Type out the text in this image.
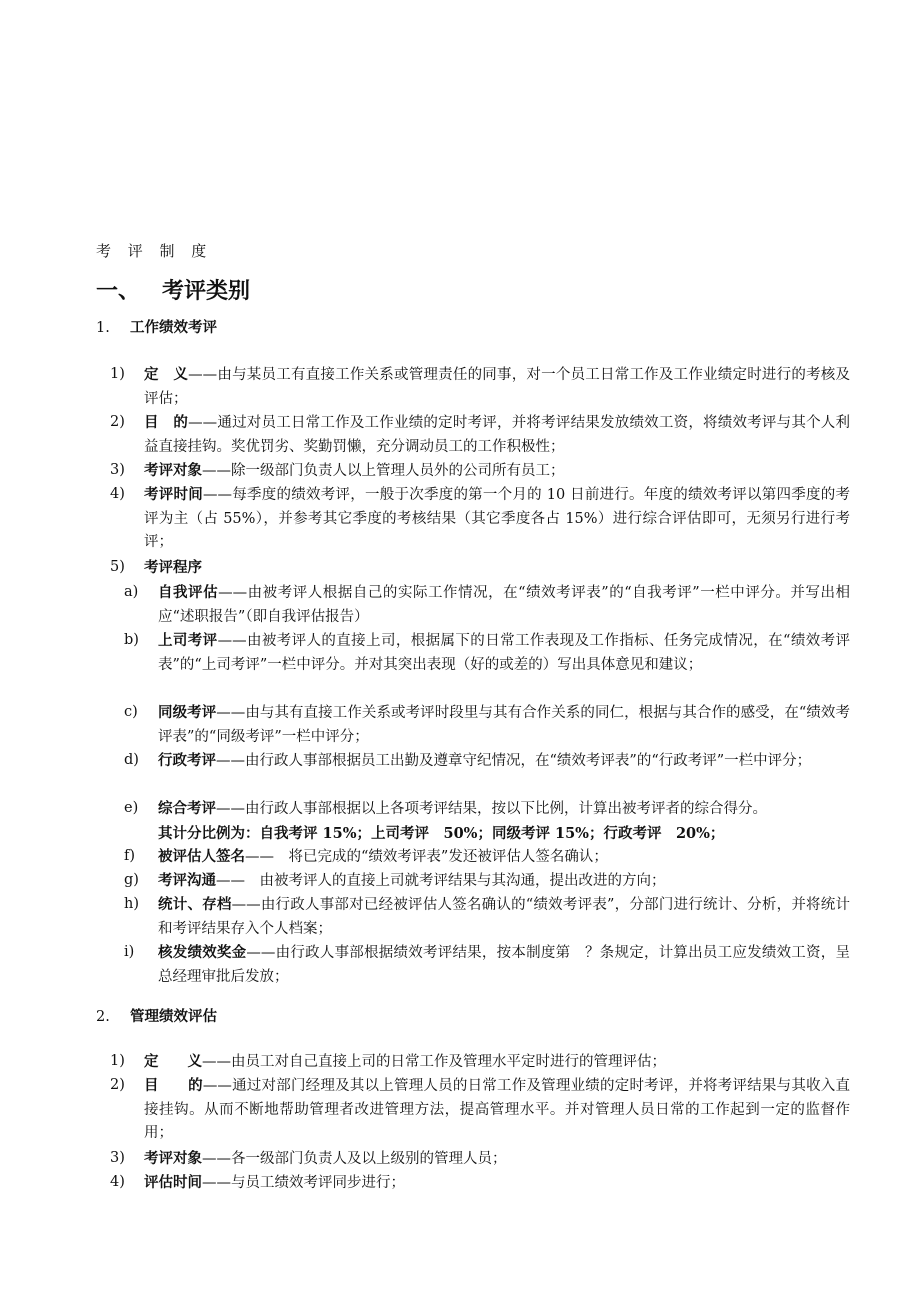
考 评 制 度
一、 考评类别
1. 工作绩效考评
1)	定　义——由与某员工有直接工作关系或管理责任的同事，对一个员工日常工作及工作业绩定时进行的考核及评估；
2)	目　的——通过对员工日常工作及工作业绩的定时考评，并将考评结果发放绩效工资，将绩效考评与其个人利益直接挂钩。奖优罚劣、奖勤罚懒，充分调动员工的工作积极性；
3)	考评对象——除一级部门负责人以上管理人员外的公司所有员工；
4)	考评时间——每季度的绩效考评，一般于次季度的第一个月的 10 日前进行。年度的绩效考评以第四季度的考评为主（占 55%），并参考其它季度的考核结果（其它季度各占 15%）进行综合评估即可，无须另行进行考评；
5)	考评程序
a)	自我评估——由被考评人根据自己的实际工作情况，在“绩效考评表”的“自我考评”一栏中评分。并写出相应“述职报告”（即自我评估报告）
b)	上司考评——由被考评人的直接上司，根据属下的日常工作表现及工作指标、任务完成情况，在“绩效考评表”的“上司考评”一栏中评分。并对其突出表现（好的或差的）写出具体意见和建议；
c)	同级考评——由与其有直接工作关系或考评时段里与其有合作关系的同仁，根据与其合作的感受，在“绩效考评表”的“同级考评”一栏中评分；
d)	行政考评——由行政人事部根据员工出勤及遵章守纪情况，在“绩效考评表”的“行政考评”一栏中评分；
e)	综合考评——由行政人事部根据以上各项考评结果，按以下比例，计算出被考评者的综合得分。
其计分比例为：自我考评 15%；上司考评　50%；同级考评 15%；行政考评　20%；
f)	被评估人签名——　将已完成的“绩效考评表”发还被评估人签名确认；
g)	考评沟通——　由被考评人的直接上司就考评结果与其沟通，提出改进的方向；
h)	统计、存档——由行政人事部对已经被评估人签名确认的“绩效考评表”，分部门进行统计、分析，并将统计和考评结果存入个人档案；
i)	核发绩效奖金——由行政人事部根据绩效考评结果，按本制度第　？条规定，计算出员工应发绩效工资，呈总经理审批后发放；
2. 管理绩效评估
1)	定　　义——由员工对自己直接上司的日常工作及管理水平定时进行的管理评估；
2)	目　　的——通过对部门经理及其以上管理人员的日常工作及管理业绩的定时考评，并将考评结果与其收入直接挂钩。从而不断地帮助管理者改进管理方法，提高管理水平。并对管理人员日常的工作起到一定的监督作用；
3)	考评对象——各一级部门负责人及以上级别的管理人员；
4)	评估时间——与员工绩效考评同步进行；
